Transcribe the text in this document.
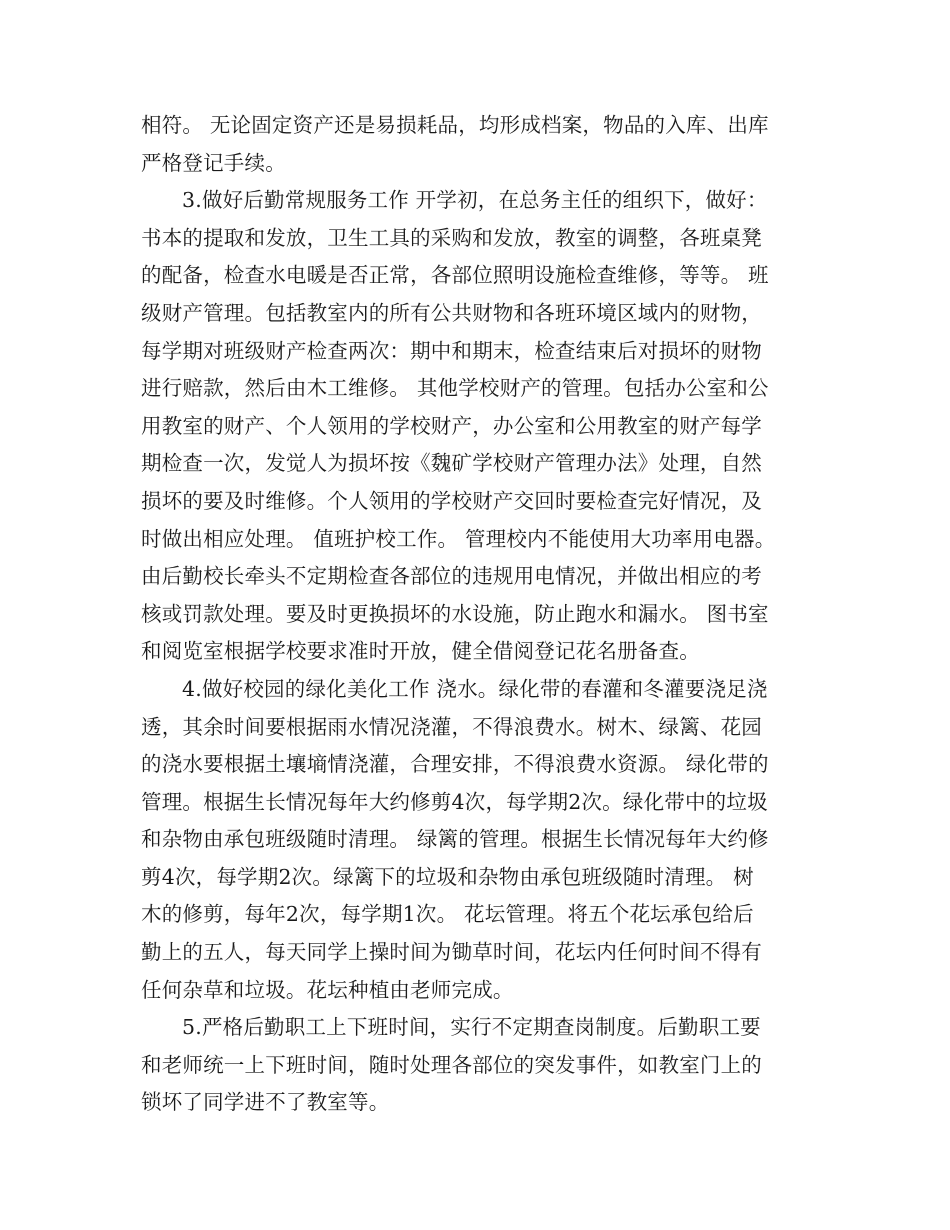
相符。 无论固定资产还是易损耗品，均形成档案，物品的入库、出库
严格登记手续。
3.做好后勤常规服务工作 开学初，在总务主任的组织下，做好：
书本的提取和发放，卫生工具的采购和发放，教室的调整，各班桌凳
的配备，检查水电暖是否正常，各部位照明设施检查维修，等等。 班
级财产管理。包括教室内的所有公共财物和各班环境区域内的财物，
每学期对班级财产检查两次：期中和期末，检查结束后对损坏的财物
进行赔款，然后由木工维修。 其他学校财产的管理。包括办公室和公
用教室的财产、个人领用的学校财产，办公室和公用教室的财产每学
期检查一次，发觉人为损坏按《魏矿学校财产管理办法》处理，自然
损坏的要及时维修。个人领用的学校财产交回时要检查完好情况，及
时做出相应处理。 值班护校工作。 管理校内不能使用大功率用电器。
由后勤校长牵头不定期检查各部位的违规用电情况，并做出相应的考
核或罚款处理。要及时更换损坏的水设施，防止跑水和漏水。 图书室
和阅览室根据学校要求准时开放，健全借阅登记花名册备查。
4.做好校园的绿化美化工作 浇水。绿化带的春灌和冬灌要浇足浇
透，其余时间要根据雨水情况浇灌，不得浪费水。树木、绿篱、花园
的浇水要根据土壤墒情浇灌，合理安排，不得浪费水资源。 绿化带的
管理。根据生长情况每年大约修剪4次，每学期2次。绿化带中的垃圾
和杂物由承包班级随时清理。 绿篱的管理。根据生长情况每年大约修
剪4次，每学期2次。绿篱下的垃圾和杂物由承包班级随时清理。 树
木的修剪，每年2次，每学期1次。 花坛管理。将五个花坛承包给后
勤上的五人，每天同学上操时间为锄草时间，花坛内任何时间不得有
任何杂草和垃圾。花坛种植由老师完成。
5.严格后勤职工上下班时间，实行不定期查岗制度。后勤职工要
和老师统一上下班时间，随时处理各部位的突发事件，如教室门上的
锁坏了同学进不了教室等。
